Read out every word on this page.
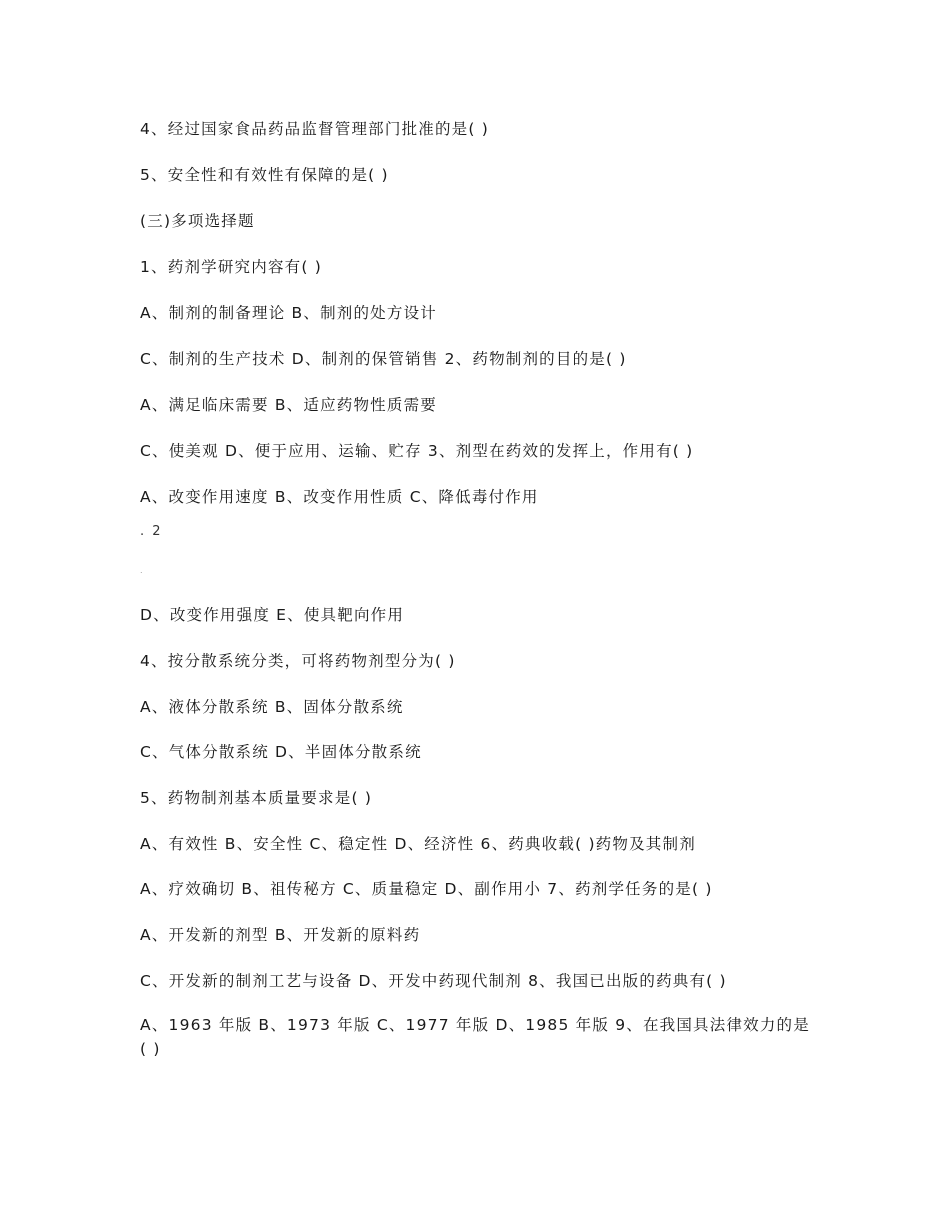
4、经过国家食品药品监督管理部门批准的是( )
5、安全性和有效性有保障的是( )
(三)多项选择题
1、药剂学研究内容有( )
A、制剂的制备理论 B、制剂的处方设计
C、制剂的生产技术 D、制剂的保管销售 2、药物制剂的目的是( )
A、满足临床需要 B、适应药物性质需要
C、使美观 D、便于应用、运输、贮存 3、剂型在药效的发挥上，作用有( )
A、改变作用速度 B、改变作用性质 C、降低毒付作用
. 2
.
D、改变作用强度 E、使具靶向作用
4、按分散系统分类，可将药物剂型分为( )
A、液体分散系统 B、固体分散系统
C、气体分散系统 D、半固体分散系统
5、药物制剂基本质量要求是( )
A、有效性 B、安全性 C、稳定性 D、经济性 6、药典收载( )药物及其制剂
A、疗效确切 B、祖传秘方 C、质量稳定 D、副作用小 7、药剂学任务的是( )
A、开发新的剂型 B、开发新的原料药
C、开发新的制剂工艺与设备 D、开发中药现代制剂 8、我国已出版的药典有( )
A、1963 年版 B、1973 年版 C、1977 年版 D、1985 年版 9、在我国具法律效力的是( )
